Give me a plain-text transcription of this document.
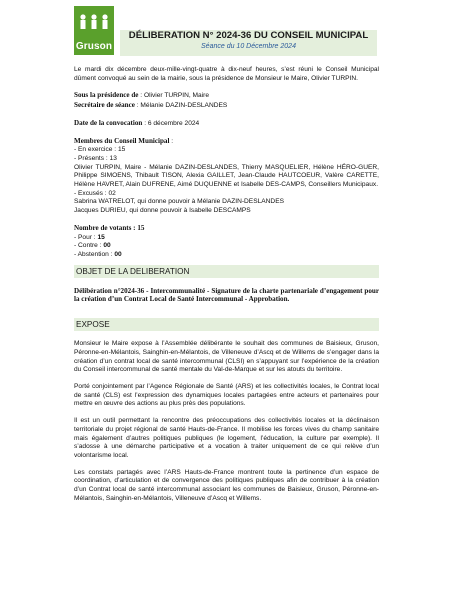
Gruson
DÉLIBERATION N° 2024-36 DU CONSEIL MUNICIPAL
Séance du 10 Décembre 2024

Le mardi dix décembre deux-mille-vingt-quatre à dix-neuf heures, s’est réuni le Conseil Municipal dûment convoqué au sein de la mairie, sous la présidence de Monsieur le Maire, Olivier TURPIN.

Sous la présidence de : Olivier TURPIN, Maire

Secrétaire de séance : Mélanie DAZIN-DESLANDES

Date de la convocation : 6 décembre 2024

Membres du Conseil Municipal :

- En exercice : 15

- Présents : 13

Olivier TURPIN, Maire - Mélanie DAZIN-DESLANDES, Thierry MASQUELIER, Hélène HÉRO-GUER, Philippe SIMOENS, Thibault TISON, Alexia GAILLET, Jean-Claude HAUTCOEUR, Valère CARETTE, Hélène HAVRET, Alain DUFRENE, Aimé DUQUENNE et Isabelle DES-CAMPS, Conseillers Municipaux.

- Excusés : 02

Sabrina WATRELOT, qui donne pouvoir à Mélanie DAZIN-DESLANDES

Jacques DURIEU, qui donne pouvoir à Isabelle DESCAMPS

Nombre de votants : 15

- Pour : 15

- Contre : 00

- Abstention : 00

OBJET DE LA DELIBERATION

Délibération n°2024-36 - Intercommunalité - Signature de la charte partenariale d’engagement pour la création d’un Contrat Local de Santé Intercommunal - Approbation.

EXPOSE

Monsieur le Maire expose à l’Assemblée délibérante le souhait des communes de Baisieux, Gruson, Péronne-en-Mélantois, Sainghin-en-Mélantois, de Villeneuve d’Ascq et de Willems de s’engager dans la création d’un contrat local de santé intercommunal (CLSI) en s’appuyant sur l’expérience de la création du Conseil intercommunal de santé mentale du Val-de-Marque et sur les atouts du territoire.

Porté conjointement par l’Agence Régionale de Santé (ARS) et les collectivités locales, le Contrat local de santé (CLS) est l’expression des dynamiques locales partagées entre acteurs et partenaires pour mettre en œuvre des actions au plus près des populations.

Il est un outil permettant la rencontre des préoccupations des collectivités locales et la déclinaison territoriale du projet régional de santé Hauts-de-France. Il mobilise les forces vives du champ sanitaire mais également d’autres politiques publiques (le logement, l’éducation, la culture par exemple). Il s’adosse à une démarche participative et a vocation à traiter uniquement de ce qui relève d’un volontarisme local.

Les constats partagés avec l’ARS Hauts-de-France montrent toute la pertinence d’un espace de coordination, d’articulation et de convergence des politiques publiques afin de contribuer à la création d’un Contrat local de santé intercommunal associant les communes de Baisieux, Gruson, Péronne-en-Mélantois, Sainghin-en-Mélantois, Villeneuve d’Ascq et Willems.
